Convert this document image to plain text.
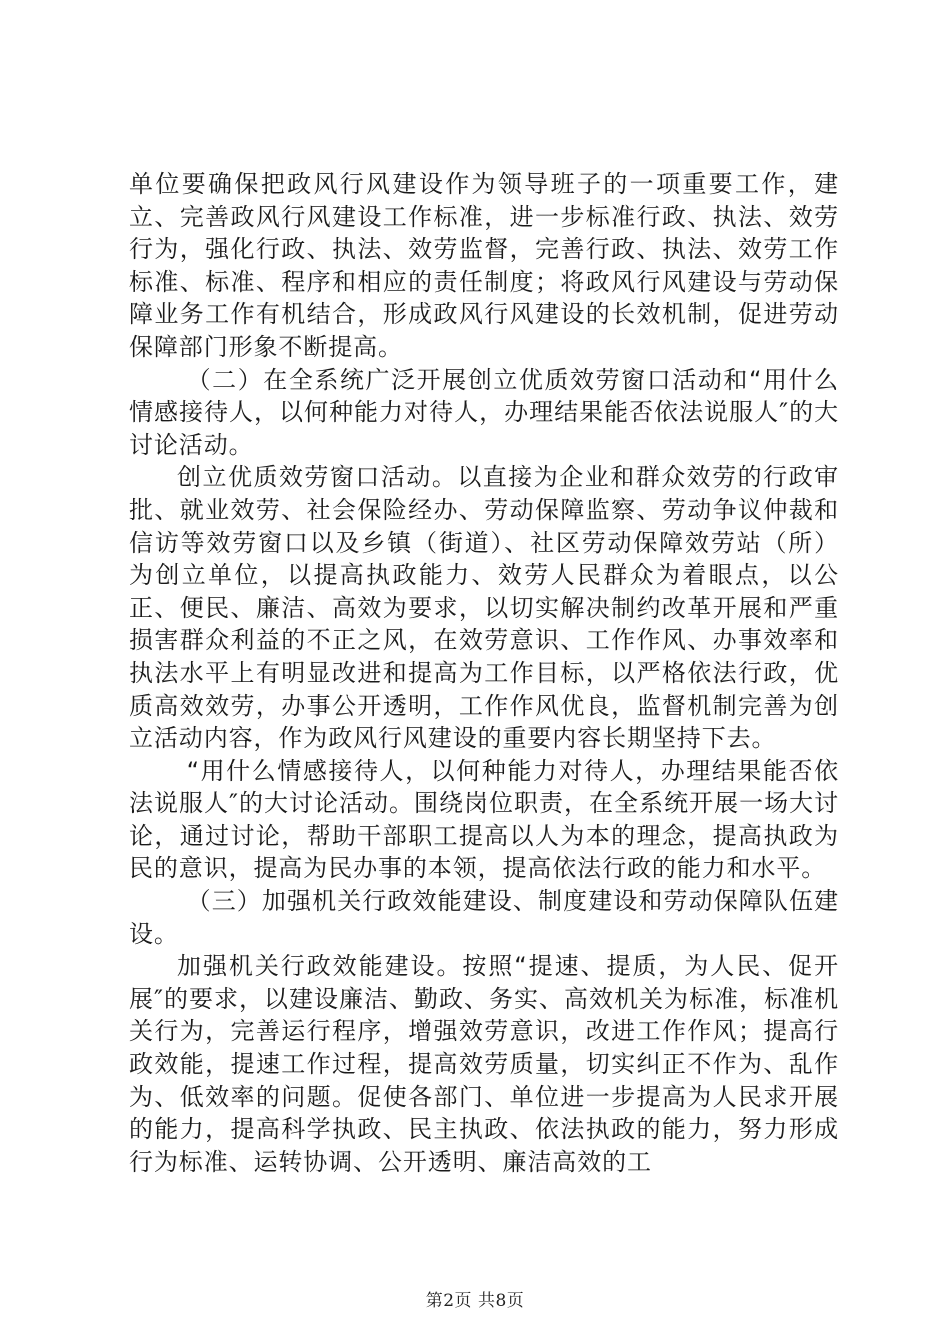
单位要确保把政风行风建设作为领导班子的一项重要工作，建立、完善政风行风建设工作标准，进一步标准行政、执法、效劳行为，强化行政、执法、效劳监督，完善行政、执法、效劳工作标准、标准、程序和相应的责任制度；将政风行风建设与劳动保障业务工作有机结合，形成政风行风建设的长效机制，促进劳动保障部门形象不断提高。

（二）在全系统广泛开展创立优质效劳窗口活动和“用什么情感接待人，以何种能力对待人，办理结果能否依法说服人″的大讨论活动。

创立优质效劳窗口活动。以直接为企业和群众效劳的行政审批、就业效劳、社会保险经办、劳动保障监察、劳动争议仲裁和信访等效劳窗口以及乡镇（街道）、社区劳动保障效劳站（所）为创立单位，以提高执政能力、效劳人民群众为着眼点，以公正、便民、廉洁、高效为要求，以切实解决制约改革开展和严重损害群众利益的不正之风，在效劳意识、工作作风、办事效率和执法水平上有明显改进和提高为工作目标，以严格依法行政，优质高效效劳，办事公开透明，工作作风优良，监督机制完善为创立活动内容，作为政风行风建设的重要内容长期坚持下去。

“用什么情感接待人，以何种能力对待人，办理结果能否依法说服人″的大讨论活动。围绕岗位职责，在全系统开展一场大讨论，通过讨论，帮助干部职工提高以人为本的理念，提高执政为民的意识，提高为民办事的本领，提高依法行政的能力和水平。

（三）加强机关行政效能建设、制度建设和劳动保障队伍建设。

加强机关行政效能建设。按照“提速、提质，为人民、促开展″的要求，以建设廉洁、勤政、务实、高效机关为标准，标准机关行为，完善运行程序，增强效劳意识，改进工作作风；提高行政效能，提速工作过程，提高效劳质量，切实纠正不作为、乱作为、低效率的问题。促使各部门、单位进一步提高为人民求开展的能力，提高科学执政、民主执政、依法执政的能力，努力形成行为标准、运转协调、公开透明、廉洁高效的工

第2页 共8页
